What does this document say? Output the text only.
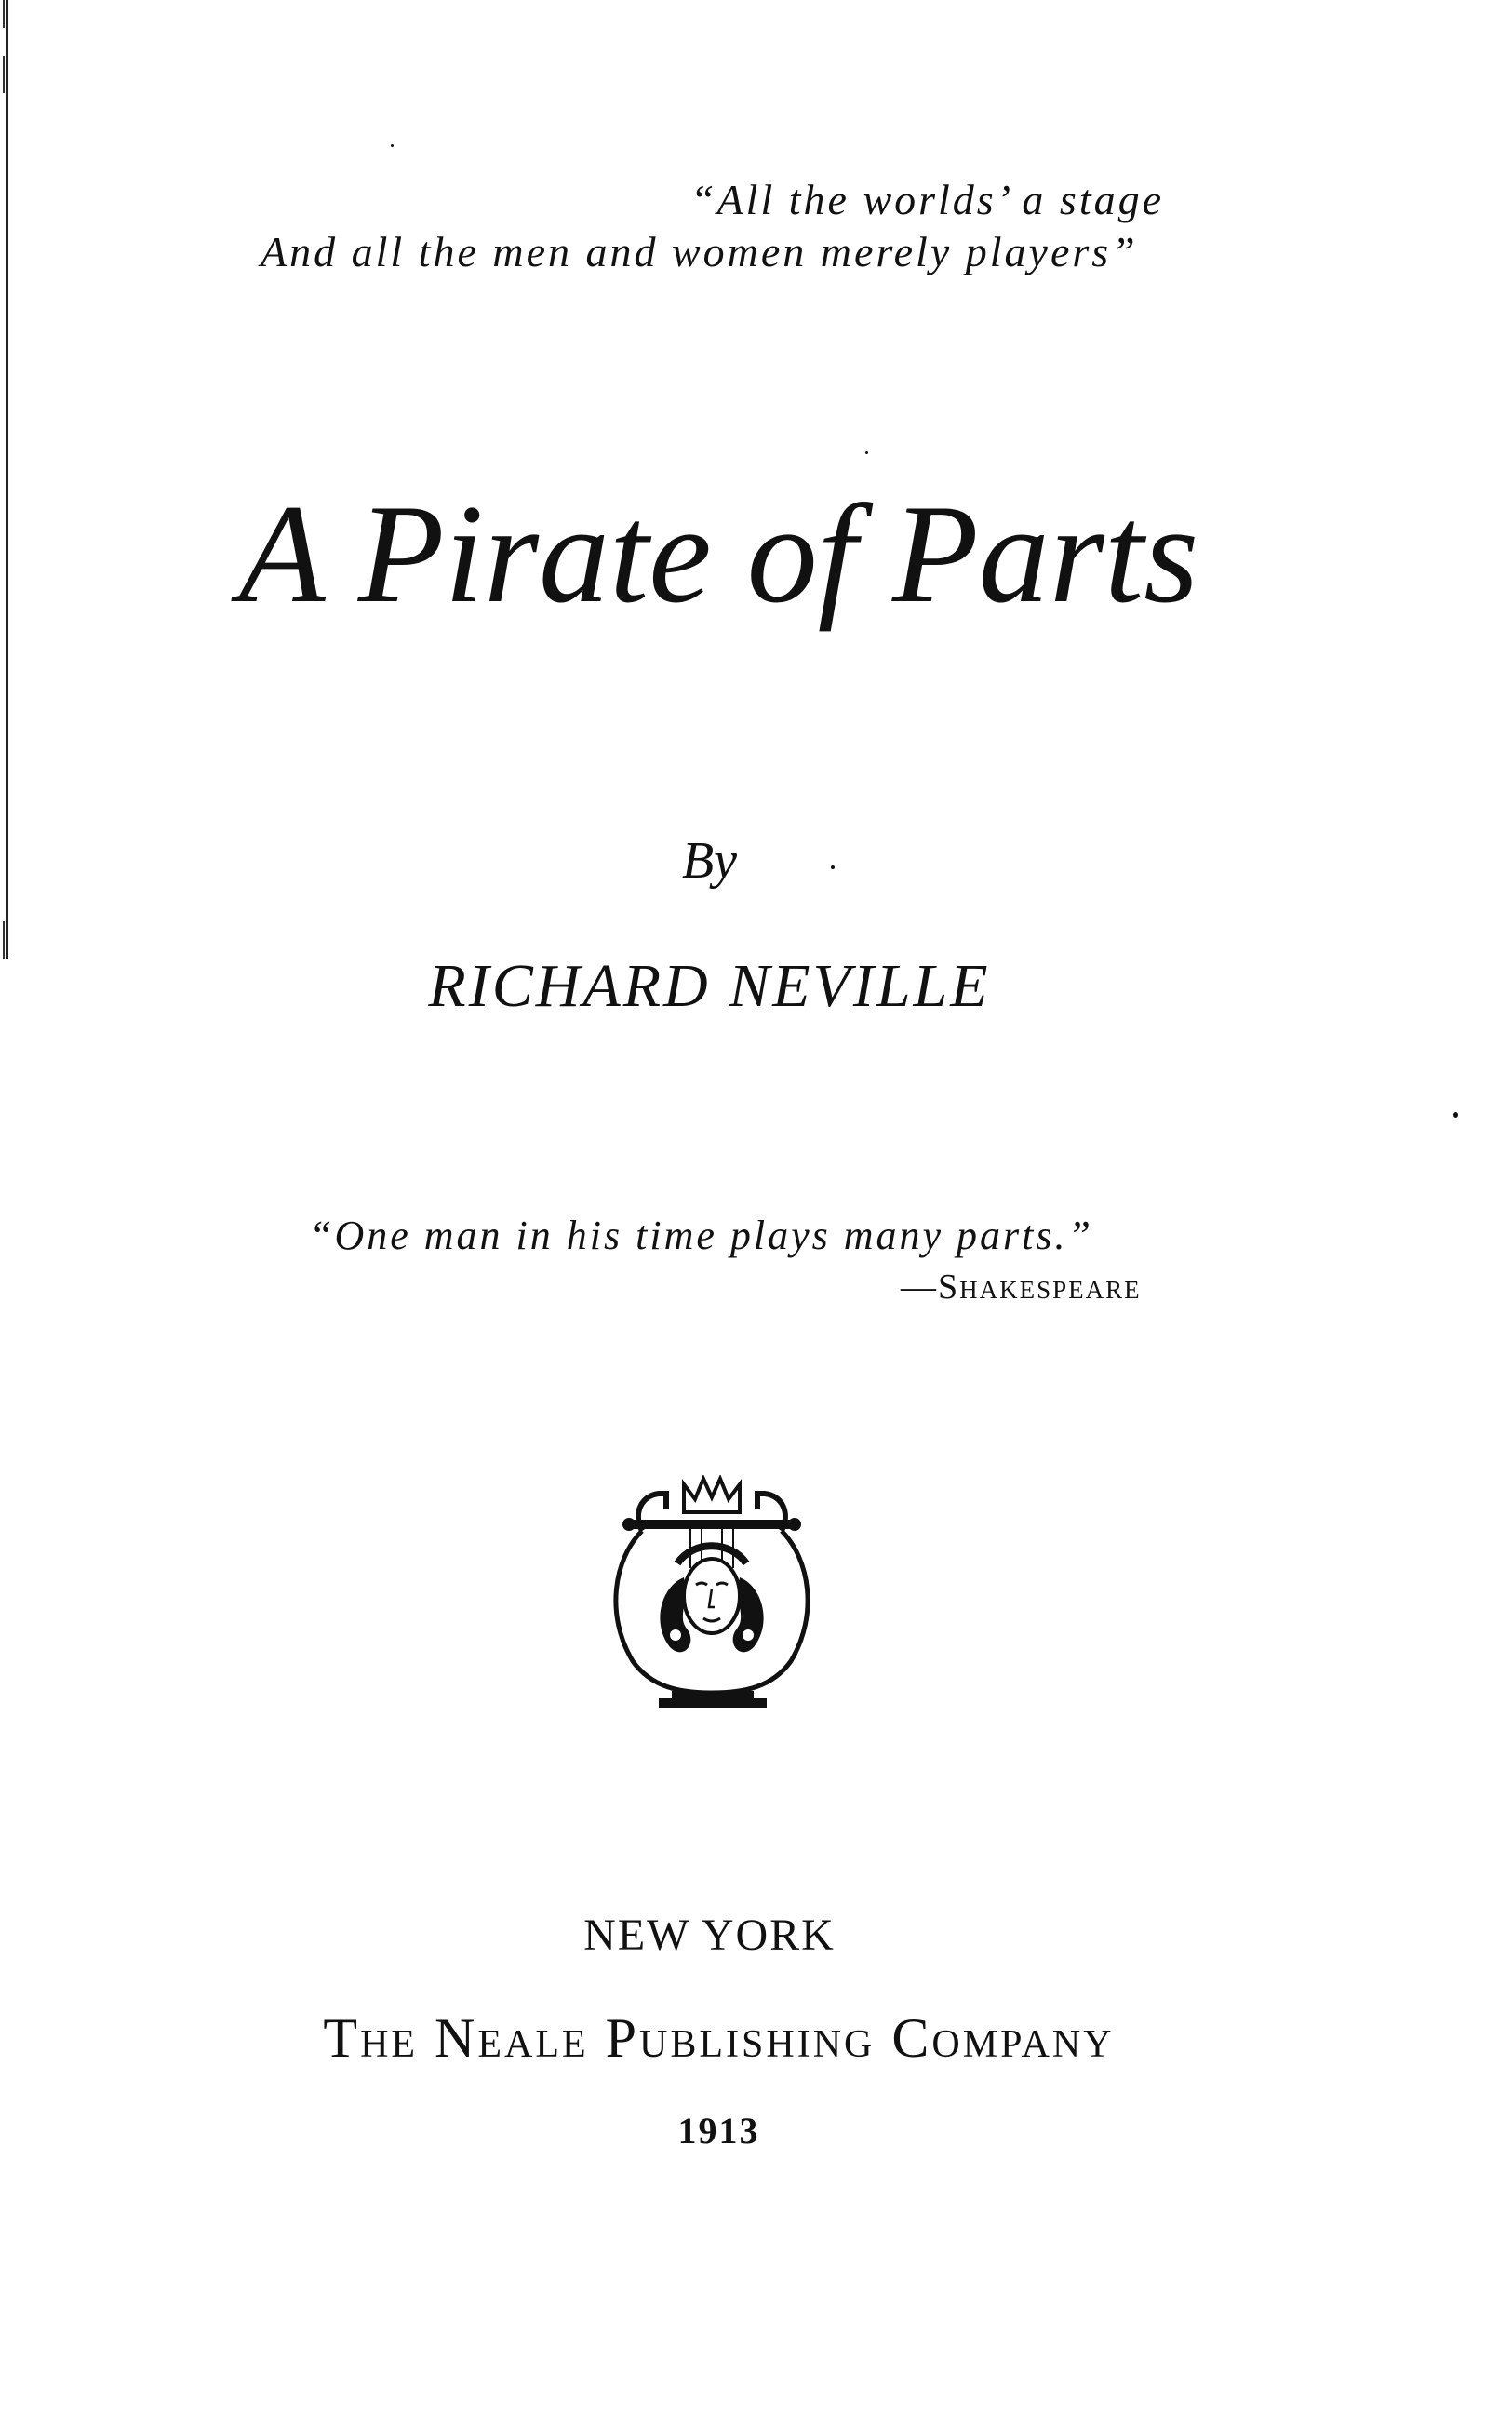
“All the worlds’ a stage
And all the men and women merely players”
A Pirate of Parts
By
RICHARD NEVILLE
“One man in his time plays many parts.”
—Shakespeare
NEW YORK
The Neale Publishing Company
1913
